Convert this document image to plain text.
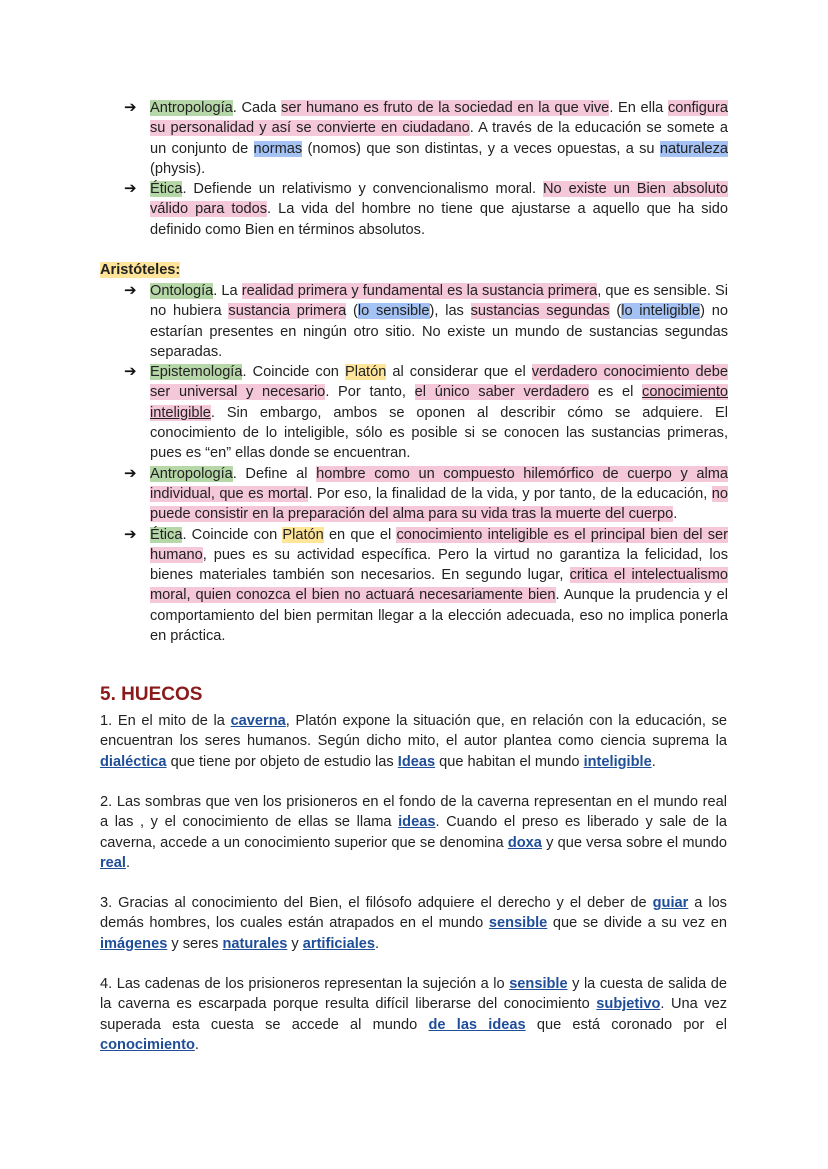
➔ Antropología. Cada ser humano es fruto de la sociedad en la que vive. En ella configura su personalidad y así se convierte en ciudadano. A través de la educación se somete a un conjunto de normas (nomos) que son distintas, y a veces opuestas, a su naturaleza (physis).
➔ Ética. Defiende un relativismo y convencionalismo moral. No existe un Bien absoluto válido para todos. La vida del hombre no tiene que ajustarse a aquello que ha sido definido como Bien en términos absolutos.
Aristóteles:
➔ Ontología. La realidad primera y fundamental es la sustancia primera, que es sensible. Si no hubiera sustancia primera (lo sensible), las sustancias segundas (lo inteligible) no estarían presentes en ningún otro sitio. No existe un mundo de sustancias segundas separadas.
➔ Epistemología. Coincide con Platón al considerar que el verdadero conocimiento debe ser universal y necesario. Por tanto, el único saber verdadero es el conocimiento inteligible. Sin embargo, ambos se oponen al describir cómo se adquiere. El conocimiento de lo inteligible, sólo es posible si se conocen las sustancias primeras, pues es “en” ellas donde se encuentran.
➔ Antropología. Define al hombre como un compuesto hilemórfico de cuerpo y alma individual, que es mortal. Por eso, la finalidad de la vida, y por tanto, de la educación, no puede consistir en la preparación del alma para su vida tras la muerte del cuerpo.
➔ Ética. Coincide con Platón en que el conocimiento inteligible es el principal bien del ser humano, pues es su actividad específica. Pero la virtud no garantiza la felicidad, los bienes materiales también son necesarios. En segundo lugar, critica el intelectualismo moral, quien conozca el bien no actuará necesariamente bien. Aunque la prudencia y el comportamiento del bien permitan llegar a la elección adecuada, eso no implica ponerla en práctica.
5. HUECOS
1. En el mito de la caverna, Platón expone la situación que, en relación con la educación, se encuentran los seres humanos. Según dicho mito, el autor plantea como ciencia suprema la dialéctica que tiene por objeto de estudio las Ideas que habitan el mundo inteligible.
2. Las sombras que ven los prisioneros en el fondo de la caverna representan en el mundo real a las , y el conocimiento de ellas se llama ideas. Cuando el preso es liberado y sale de la caverna, accede a un conocimiento superior que se denomina doxa y que versa sobre el mundo real.
3. Gracias al conocimiento del Bien, el filósofo adquiere el derecho y el deber de guiar a los demás hombres, los cuales están atrapados en el mundo sensible que se divide a su vez en imágenes y seres naturales y artificiales.
4. Las cadenas de los prisioneros representan la sujeción a lo sensible y la cuesta de salida de la caverna es escarpada porque resulta difícil liberarse del conocimiento subjetivo. Una vez superada esta cuesta se accede al mundo de las ideas que está coronado por el conocimiento.
